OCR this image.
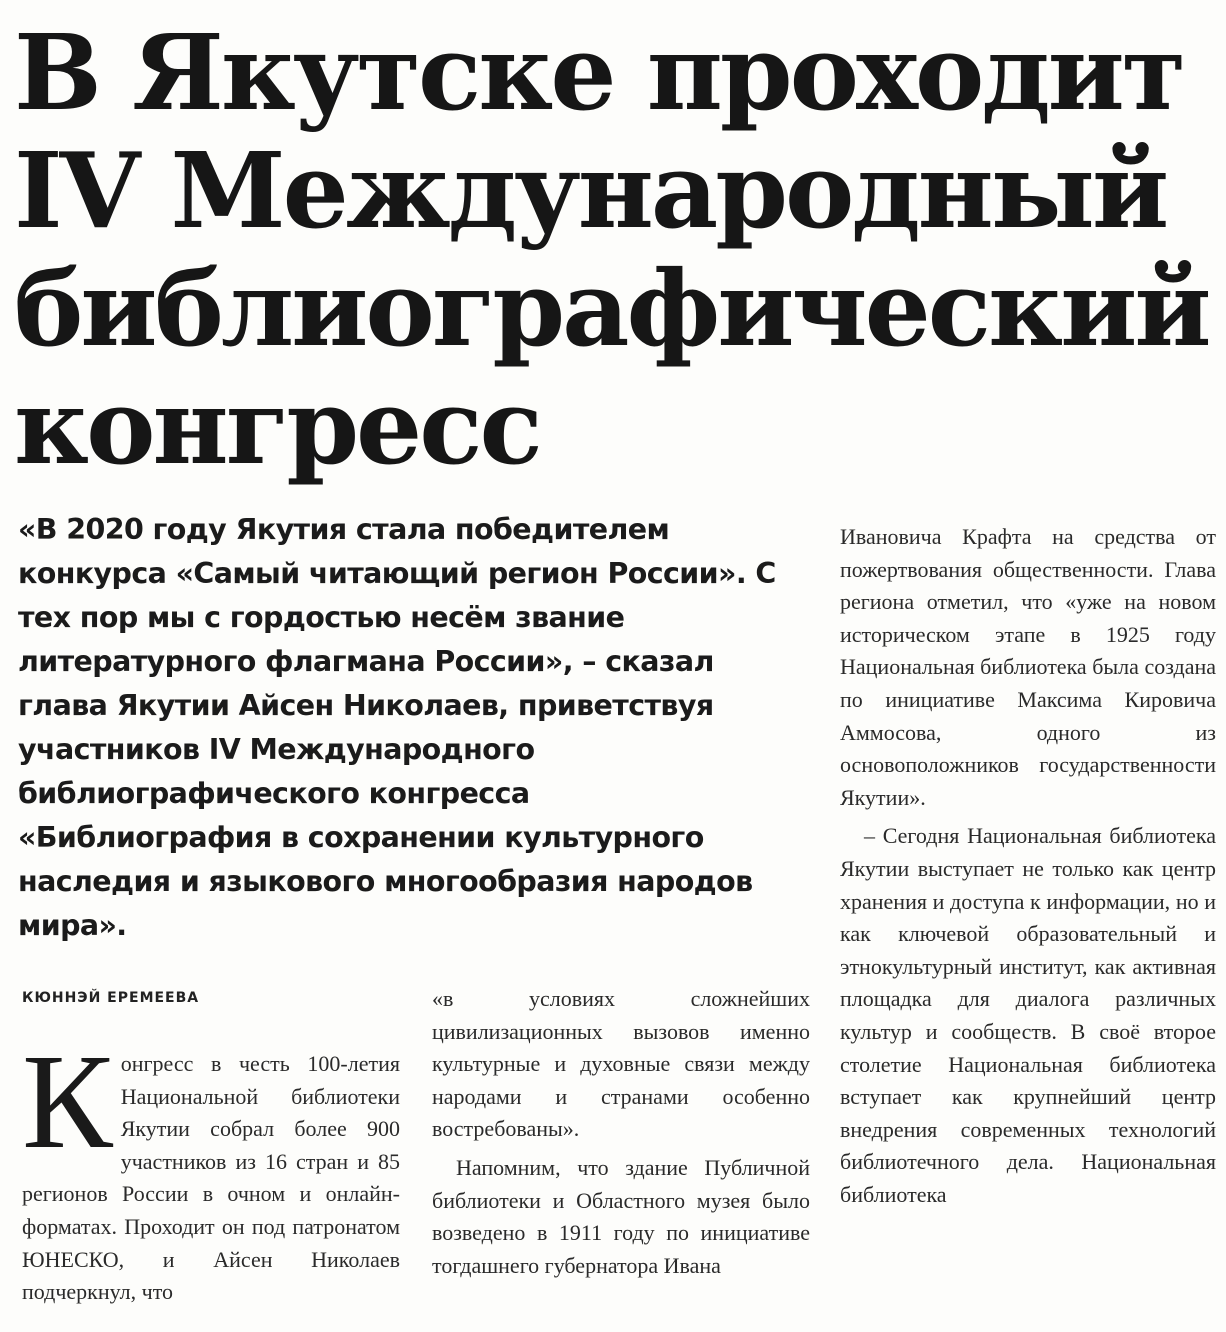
В Якутске проходит
IV Международный
библиографический
конгресс

«В 2020 году Якутия стала победителем конкурса «Самый читающий регион России». С тех пор мы с гордостью несём звание литературного флагмана России», – сказал глава Якутии Айсен Николаев, приветствуя участников IV Международного библиографического конгресса «Библиография в сохранении культурного наследия и языкового многообразия народов мира».

КЮННЭЙ ЕРЕМЕЕВА

Конгресс в честь 100-летия Национальной библиотеки Якутии собрал более 900 участников из 16 стран и 85 регионов России в очном и онлайн-форматах. Проходит он под патронатом ЮНЕСКО, и Айсен Николаев подчеркнул, что

«в условиях сложнейших цивилизационных вызовов именно культурные и духовные связи между народами и странами особенно востребованы».

Напомним, что здание Публичной библиотеки и Областного музея было возведено в 1911 году по инициативе тогдашнего губернатора Ивана

Ивановича Крафта на средства от пожертвования общественности. Глава региона отметил, что «уже на новом историческом этапе в 1925 году Национальная библиотека была создана по инициативе Максима Кировича Аммосова, одного из основоположников государственности Якутии».

– Сегодня Национальная библиотека Якутии выступает не только как центр хранения и доступа к информации, но и как ключевой образовательный и этнокультурный институт, как активная площадка для диалога различных культур и сообществ. В своё второе столетие Национальная библиотека вступает как крупнейший центр внедрения современных технологий библиотечного дела. Национальная библиотека
